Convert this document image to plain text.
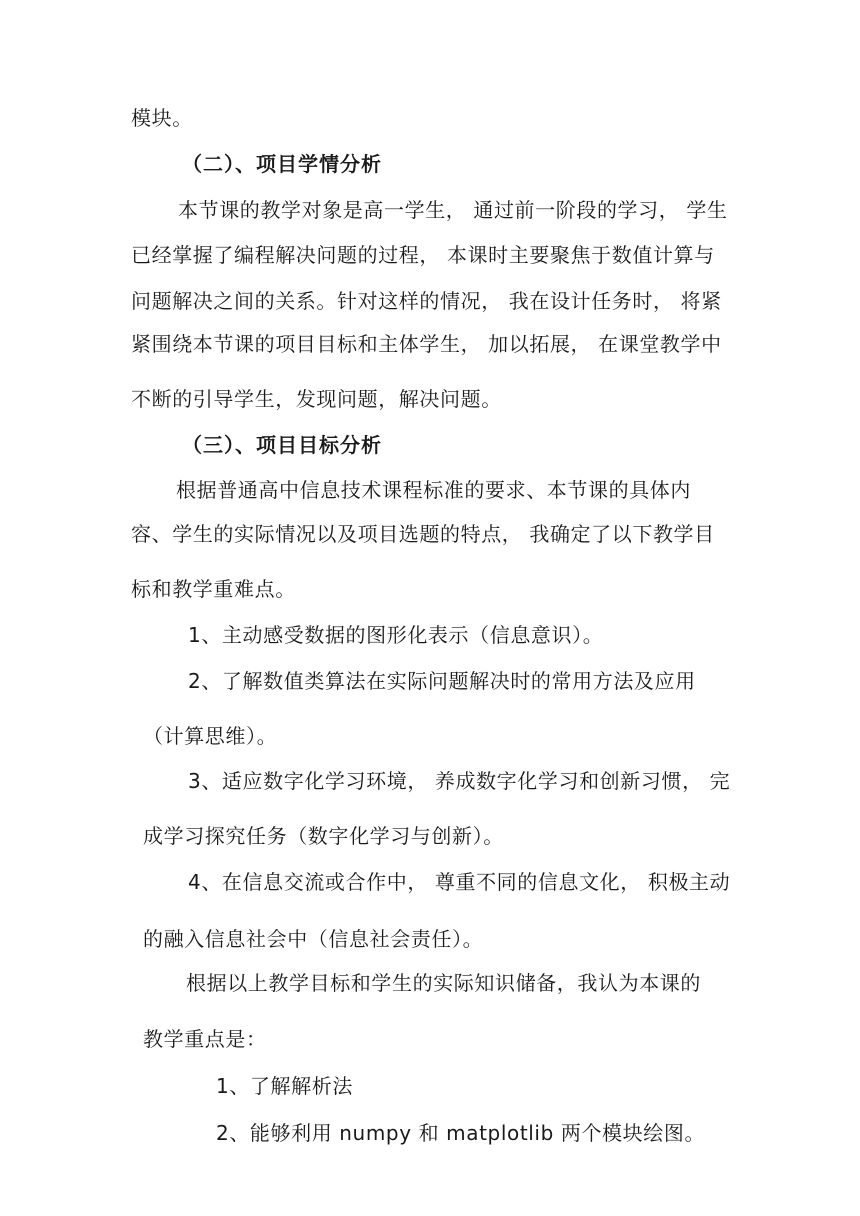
模块。
（二）、项目学情分析
本节课的教学对象是高一学生， 通过前一阶段的学习， 学生
已经掌握了编程解决问题的过程， 本课时主要聚焦于数值计算与
问题解决之间的关系。针对这样的情况， 我在设计任务时， 将紧
紧围绕本节课的项目目标和主体学生， 加以拓展， 在课堂教学中
不断的引导学生，发现问题，解决问题。
（三）、项目目标分析
根据普通高中信息技术课程标准的要求、本节课的具体内
容、学生的实际情况以及项目选题的特点， 我确定了以下教学目
标和教学重难点。
1、主动感受数据的图形化表示（信息意识）。
2、了解数值类算法在实际问题解决时的常用方法及应用
（计算思维）。
3、适应数字化学习环境， 养成数字化学习和创新习惯， 完
成学习探究任务（数字化学习与创新）。
4、在信息交流或合作中， 尊重不同的信息文化， 积极主动
的融入信息社会中（信息社会责任）。
根据以上教学目标和学生的实际知识储备，我认为本课的
教学重点是：
1、了解解析法
2、能够利用 numpy 和 matplotlib 两个模块绘图。
